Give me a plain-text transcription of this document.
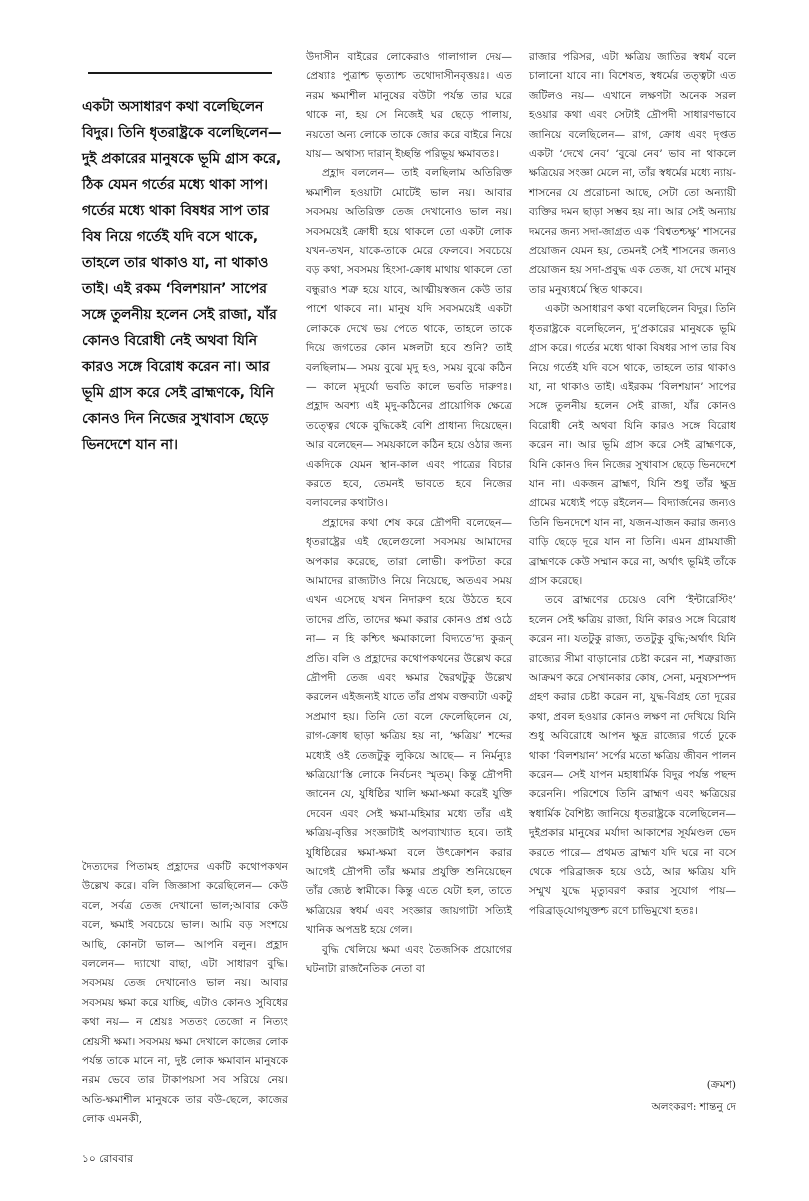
একটা অসাধারণ কথা বলেছিলেন বিদুর। তিনি ধৃতরাষ্ট্রকে বলেছিলেন— দুই প্রকারের মানুষকে ভূমি গ্রাস করে, ঠিক যেমন গর্তের মধ্যে থাকা সাপ। গর্তের মধ্যে থাকা বিষধর সাপ তার বিষ নিয়ে গর্তেই যদি বসে থাকে, তাহলে তার থাকাও যা, না থাকাও তাই। এই রকম ‘বিলশয়ান’ সাপের সঙ্গে তুলনীয় হলেন সেই রাজা, যাঁর কোনও বিরোধী নেই অথবা যিনি কারও সঙ্গে বিরোধ করেন না। আর ভূমি গ্রাস করে সেই ব্রাহ্মণকে, যিনি কোনও দিন নিজের সুখাবাস ছেড়ে ভিনদেশে যান না।

দৈত্যদের পিতামহ প্রহ্লাদের একটি কথোপকথন উল্লেখ করে। বলি জিজ্ঞাসা করেছিলেন— কেউ বলে, সর্বত্র তেজ দেখানো ভাল;আবার কেউ বলে, ক্ষমাই সবচেয়ে ভাল। আমি বড় সংশয়ে আছি, কোনটা ভাল— আপনি বলুন। প্রহ্লাদ বললেন— দ্যাখো বাছা, এটা সাধারণ বুদ্ধি। সবসময় তেজ দেখানোও ভাল নয়। আবার সবসময় ক্ষমা করে যাচ্ছি, এটাও কোনও সুবিধের কথা নয়— ন শ্রেয়ঃ সততং তেজো ন নিত্যং শ্রেয়সী ক্ষমা। সবসময় ক্ষমা দেখালে কাজের লোক পর্যন্ত তাকে মানে না, দুষ্ট লোক ক্ষমাবান মানুষকে নরম ভেবে তার টাকাপয়সা সব সরিয়ে নেয়। অতি-ক্ষমাশীল মানুষকে তার বউ-ছেলে, কাজের লোক এমনকী,

উদাসীন বাইরের লোকেরাও গালাগাল দেয়— প্রেষ্যাঃ পুত্রাশ্চ ভৃত্যাশ্চ তথোদাসীনবৃত্তয়ঃ। এত নরম ক্ষমাশীল মানুষের বউটা পর্যন্ত তার ঘরে থাকে না, হয় সে নিজেই ঘর ছেড়ে পালায়, নয়তো অন্য লোকে তাকে জোর করে বাইরে নিয়ে যায়— অথাস্য দারান্ ইচ্ছন্তি পরিভূয় ক্ষমাবতঃ।

প্রহ্লাদ বললেন— তাই বলছিলাম অতিরিক্ত ক্ষমাশীল হওয়াটা মোটেই ভাল নয়। আবার সবসময় অতিরিক্ত তেজ দেখানোও ভাল নয়। সবসময়েই ক্রোধী হয়ে থাকলে তো একটা লোক যখন-তখন, যাকে-তাকে মেরে ফেলবে। সবচেয়ে বড় কথা, সবসময় হিংসা-ক্রোধ মাথায় থাকলে তো বন্ধুরাও শত্রু হয়ে যাবে, আত্মীয়স্বজন কেউ তার পাশে থাকবে না। মানুষ যদি সবসময়েই একটা লোককে দেখে ভয় পেতে থাকে, তাহলে তাকে দিয়ে জগতের কোন মঙ্গলটা হবে শুনি? তাই বলছিলাম— সময় বুঝে মৃদু হও, সময় বুঝে কঠিন— কালে মৃদুর্যো ভবতি কালে ভবতি দারুণঃ। প্রহ্লাদ অবশ্য এই মৃদু-কঠিনের প্রায়োগিক ক্ষেত্রে তত্ত্বের থেকে বুদ্ধিকেই বেশি প্রাধান্য দিয়েছেন। আর বলেছেন— সময়কালে কঠিন হয়ে ওঠার জন্য একদিকে যেমন স্থান-কাল এবং পাত্রের বিচার করতে হবে, তেমনই ভাবতে হবে নিজের বলাবলের কথাটাও।

প্রহ্লাদের কথা শেষ করে দ্রৌপদী বলেছেন— ধৃতরাষ্ট্রের এই ছেলেগুলো সবসময় আমাদের অপকার করেছে, তারা লোভী। কপটতা করে আমাদের রাজ্যটাও নিয়ে নিয়েছে, অতএব সময় এখন এসেছে যখন নিদারুণ হয়ে উঠতে হবে তাদের প্রতি, তাদের ক্ষমা করার কোনও প্রশ্ন ওঠে না— ন হি কশ্চিৎ ক্ষমাকালো বিদ্যতে’দ্য কুরূন্ প্রতি। বলি ও প্রহ্লাদের কথোপকথনের উল্লেখ করে দ্রৌপদী তেজ এবং ক্ষমার দ্বৈরথটুকু উল্লেখ করলেন এইজন্যই যাতে তাঁর প্রথম বক্তব্যটা একটু সপ্রমাণ হয়। তিনি তো বলে ফেলেছিলেন যে, রাগ-ক্রোধ ছাড়া ক্ষত্রিয় হয় না, ‘ক্ষত্রিয়’ শব্দের মধ্যেই ওই তেজটুকু লুকিয়ে আছে— ন নির্মন্যুঃ ক্ষত্রিয়ো’স্তি লোকে নির্বচনং স্মৃতম্। কিন্তু দ্রৌপদী জানেন যে, যুধিষ্ঠির খালি ক্ষমা-ক্ষমা করেই যুক্তি দেবেন এবং সেই ক্ষমা-মহিমার মধ্যে তাঁর এই ক্ষত্রিয়-বৃত্তির সংজ্ঞাটাই অপব্যাখ্যাত হবে। তাই যুধিষ্ঠিরের ক্ষমা-ক্ষমা বলে উৎক্রোশন করার আগেই দ্রৌপদী তাঁর ক্ষমার প্রযুক্তি শুনিয়েছেন তাঁর জ্যেষ্ঠ স্বামীকে। কিন্তু এতে যেটা হল, তাতে ক্ষত্রিয়ের স্বধর্ম এবং সংজ্ঞার জায়গাটা সত্যিই খানিক অপভ্রষ্ট হয়ে গেল।

বুদ্ধি খেলিয়ে ক্ষমা এবং তৈজসিক প্রয়োগের ঘটনাটা রাজনৈতিক নেতা বা

রাজার পরিসর, এটা ক্ষত্রিয় জাতির স্বধর্ম বলে চালানো যাবে না। বিশেষত, স্বধর্মের তত্ত্বটা এত জটিলও নয়— এখানে লক্ষণটা অনেক সরল হওয়ার কথা এবং সেটাই দ্রৌপদী সাধারণভাবে জানিয়ে বলেছিলেন— রাগ, ক্রোধ এবং দৃপ্তত একটা ‘দেখে নেব’ ‘বুঝে নেব’ ভাব না থাকলে ক্ষত্রিয়ের সংজ্ঞা মেলে না, তাঁর স্বধর্মের মধ্যে ন্যায়-শাসনের যে প্ররোচনা আছে, সেটা তো অন্যায়ী ব্যক্তির দমন ছাড়া সম্ভব হয় না। আর সেই অন্যায় দমনের জন্য সদা-জাগ্রত এক ‘বিশ্বতশ্চক্ষু’ শাসনের প্রয়োজন যেমন হয়, তেমনই সেই শাসনের জন্যও প্রয়োজন হয় সদা-প্রবুদ্ধ এক তেজ, যা দেখে মানুষ তার মনুষ্যধর্মে স্থিত থাকবে।

একটা অসাধারণ কথা বলেছিলেন বিদুর। তিনি ধৃতরাষ্ট্রকে বলেছিলেন, দু’প্রকারের মানুষকে ভূমি গ্রাস করে। গর্তের মধ্যে থাকা বিষধর সাপ তার বিষ নিয়ে গর্তেই যদি বসে থাকে, তাহলে তার থাকাও যা, না থাকাও তাই। এইরকম ‘বিলশয়ান’ সাপের সঙ্গে তুলনীয় হলেন সেই রাজা, যাঁর কোনও বিরোধী নেই অথবা যিনি কারও সঙ্গে বিরোধ করেন না। আর ভূমি গ্রাস করে সেই ব্রাহ্মণকে, যিনি কোনও দিন নিজের সুখাবাস ছেড়ে ভিনদেশে যান না। একজন ব্রাহ্মণ, যিনি শুধু তাঁর ক্ষুদ্র গ্রামের মধ্যেই পড়ে রইলেন— বিদ্যার্জনের জন্যও তিনি ভিনদেশে যান না, যজন-যাজন করার জন্যও বাড়ি ছেড়ে দূরে যান না তিনি। এমন গ্রামযাজী ব্রাহ্মণকে কেউ সম্মান করে না, অর্থাৎ ভূমিই তাঁকে গ্রাস করেছে।

তবে ব্রাহ্মণের চেয়েও বেশি ‘ইন্টারেস্টিং’ হলেন সেই ক্ষত্রিয় রাজা, যিনি কারও সঙ্গে বিরোধ করেন না। যতটুকু রাজ্য, ততটুকু বুদ্ধি;অর্থাৎ যিনি রাজ্যের সীমা বাড়ানোর চেষ্টা করেন না, শত্রুরাজ্য আক্রমণ করে সেখানকার কোষ, সেনা, মনুষ্যসম্পদ গ্রহণ করার চেষ্টা করেন না, যুদ্ধ-বিগ্রহ তো দূরের কথা, প্রবল হওয়ার কোনও লক্ষণ না দেখিয়ে যিনি শুধু অবিরোধে আপন ক্ষুদ্র রাজ্যের গর্তে ঢুকে থাকা ‘বিলশয়ান’ সর্পের মতো ক্ষত্রিয় জীবন পালন করেন— সেই যাপন মহাধার্মিক বিদুর পর্যন্ত পছন্দ করেননি। পরিশেষে তিনি ব্রাহ্মণ এবং ক্ষত্রিয়ের স্বধার্মিক বৈশিষ্ট্য জানিয়ে ধৃতরাষ্ট্রকে বলেছিলেন— দুইপ্রকার মানুষের মর্যাদা আকাশের সূর্যমণ্ডল ভেদ করতে পারে— প্রথমত ব্রাহ্মণ যদি ঘরে না বসে থেকে পরিব্রাজক হয়ে ওঠে, আর ক্ষত্রিয় যদি সম্মুখ যুদ্ধে মৃত্যুবরণ করার সুযোগ পায়— পরিব্রাড্‌যোগযুক্তশ্চ রণে চাভিমুখো হতঃ।

(ক্রমশ)

অলংকরণ: শান্তনু দে

১০ রোববার
